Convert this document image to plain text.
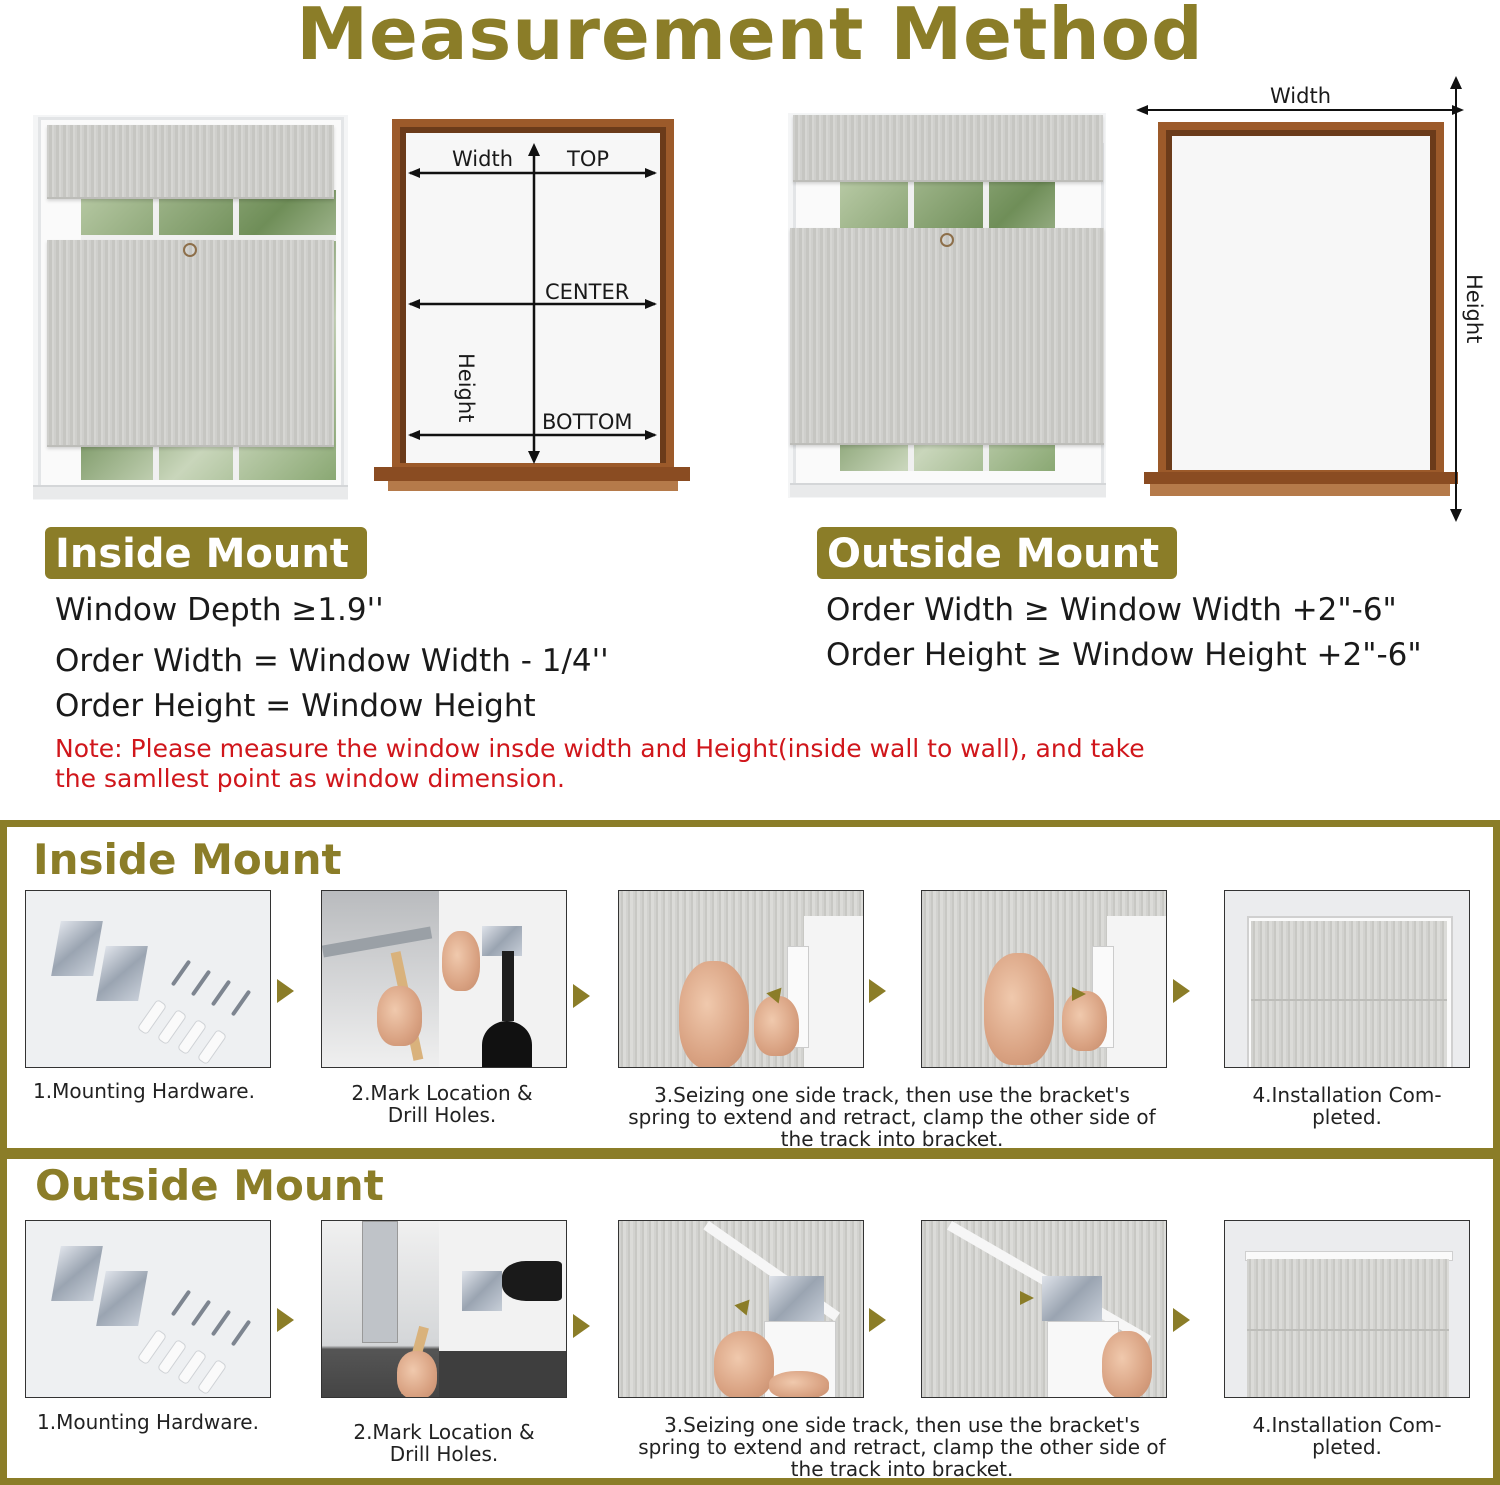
Measurement Method
Width	TOP
CENTER
Height	BOTTOM
Width
Height
Inside Mount
Window Depth ≥1.9''
Order Width = Window Width - 1/4''
Order Height = Window Height
Note: Please measure the window insde width and Height(inside wall to wall), and take
the samllest point as window dimension.
Outside Mount
Order Width ≥ Window Width +2"-6"
Order Height ≥ Window Height +2"-6"
Inside Mount
1.Mounting Hardware.	2.Mark Location & Drill Holes.
3.Seizing one side track, then use the bracket's spring to extend and retract, clamp the other side of the track into bracket.
4.Installation Com- pleted.
Outside Mount
1.Mounting Hardware.	2.Mark Location & Drill Holes.
3.Seizing one side track, then use the bracket's spring to extend and retract, clamp the other side of the track into bracket.
4.Installation Com- pleted.
